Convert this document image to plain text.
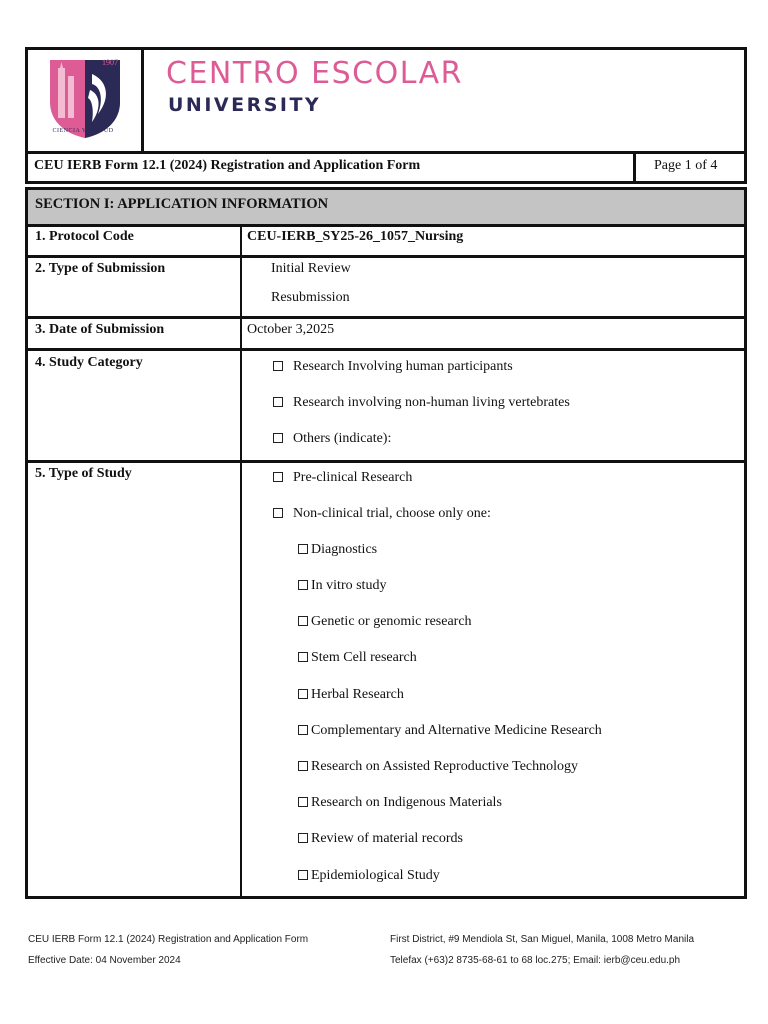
1907
CIENCIA Y VIRTUD
CENTRO ESCOLAR
UNIVERSITY
CEU IERB Form 12.1 (2024) Registration and Application Form	Page 1 of 4
SECTION I: APPLICATION INFORMATION
1. Protocol Code	CEU-IERB_SY25-26_1057_Nursing
2. Type of Submission	Initial Review
Resubmission
3. Date of Submission	October 3,2025
4. Study Category	Research Involving human participants
Research involving non-human living vertebrates
Others (indicate):
5. Type of Study	Pre-clinical Research
Non-clinical trial, choose only one:
Diagnostics
In vitro study
Genetic or genomic research
Stem Cell research
Herbal Research
Complementary and Alternative Medicine Research
Research on Assisted Reproductive Technology
Research on Indigenous Materials
Review of material records
Epidemiological Study
CEU IERB Form 12.1 (2024) Registration and Application Form
Effective Date: 04 November 2024
First District, #9 Mendiola St, San Miguel, Manila, 1008 Metro Manila
Telefax (+63)2 8735-68-61 to 68 loc.275; Email: ierb@ceu.edu.ph
